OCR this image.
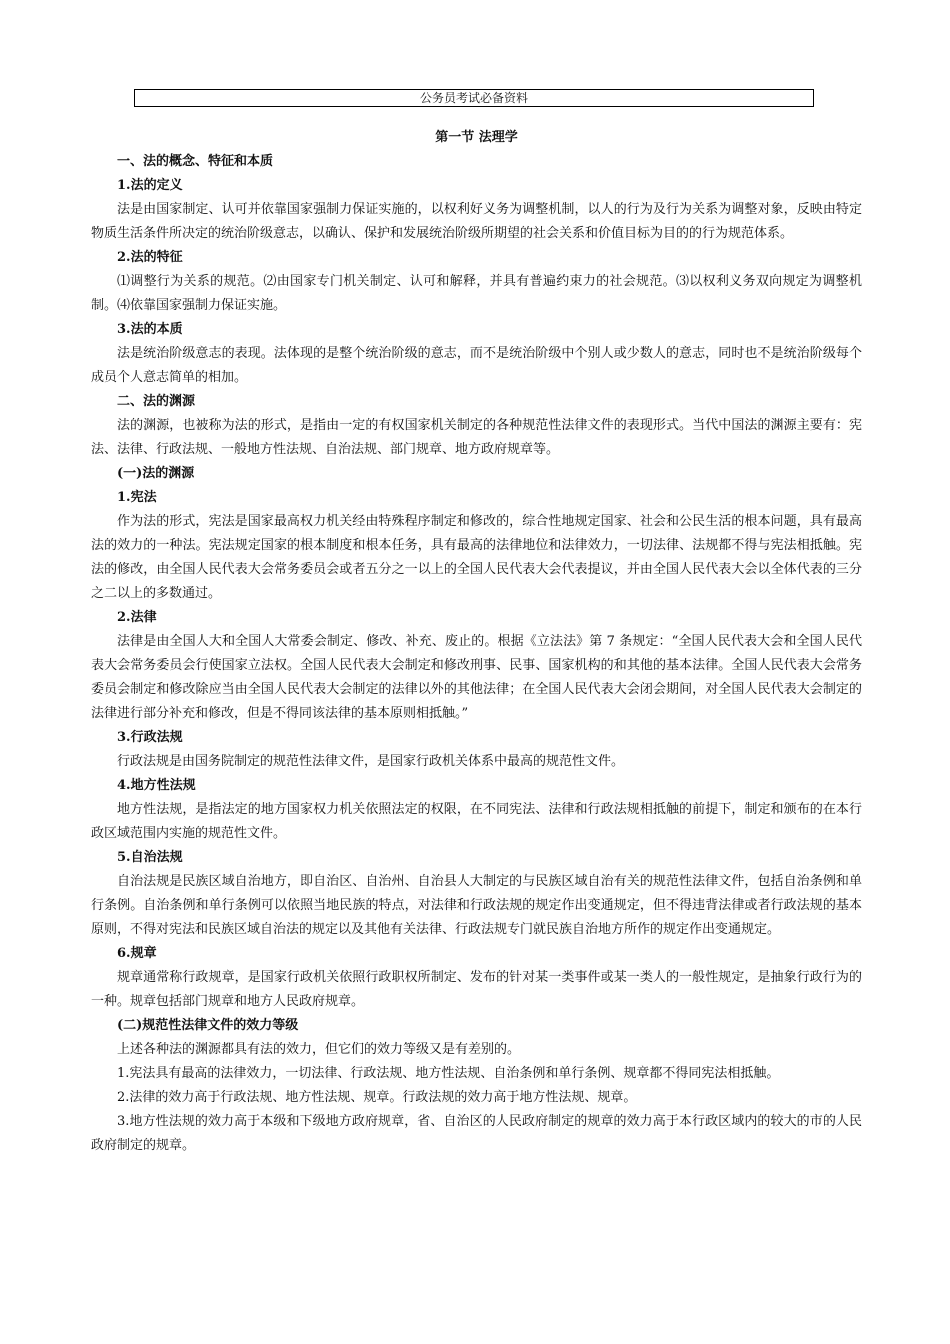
公务员考试必备资料

第一节 法理学

一、法的概念、特征和本质

1.法的定义

法是由国家制定、认可并依靠国家强制力保证实施的，以权利好义务为调整机制，以人的行为及行为关系为调整对象，反映由特定物质生活条件所决定的统治阶级意志，以确认、保护和发展统治阶级所期望的社会关系和价值目标为目的的行为规范体系。

2.法的特征

⑴调整行为关系的规范。⑵由国家专门机关制定、认可和解释，并具有普遍约束力的社会规范。⑶以权利义务双向规定为调整机制。⑷依靠国家强制力保证实施。

3.法的本质

法是统治阶级意志的表现。法体现的是整个统治阶级的意志，而不是统治阶级中个别人或少数人的意志，同时也不是统治阶级每个成员个人意志简单的相加。

二、法的渊源

法的渊源，也被称为法的形式，是指由一定的有权国家机关制定的各种规范性法律文件的表现形式。当代中国法的渊源主要有：宪法、法律、行政法规、一般地方性法规、自治法规、部门规章、地方政府规章等。

(一)法的渊源

1.宪法

作为法的形式，宪法是国家最高权力机关经由特殊程序制定和修改的，综合性地规定国家、社会和公民生活的根本问题，具有最高法的效力的一种法。宪法规定国家的根本制度和根本任务，具有最高的法律地位和法律效力，一切法律、法规都不得与宪法相抵触。宪法的修改，由全国人民代表大会常务委员会或者五分之一以上的全国人民代表大会代表提议，并由全国人民代表大会以全体代表的三分之二以上的多数通过。

2.法律

法律是由全国人大和全国人大常委会制定、修改、补充、废止的。根据《立法法》第 7 条规定：“全国人民代表大会和全国人民代表大会常务委员会行使国家立法权。全国人民代表大会制定和修改刑事、民事、国家机构的和其他的基本法律。全国人民代表大会常务委员会制定和修改除应当由全国人民代表大会制定的法律以外的其他法律；在全国人民代表大会闭会期间，对全国人民代表大会制定的法律进行部分补充和修改，但是不得同该法律的基本原则相抵触。”

3.行政法规

行政法规是由国务院制定的规范性法律文件，是国家行政机关体系中最高的规范性文件。

4.地方性法规

地方性法规，是指法定的地方国家权力机关依照法定的权限，在不同宪法、法律和行政法规相抵触的前提下，制定和颁布的在本行政区域范围内实施的规范性文件。

5.自治法规

自治法规是民族区域自治地方，即自治区、自治州、自治县人大制定的与民族区域自治有关的规范性法律文件，包括自治条例和单行条例。自治条例和单行条例可以依照当地民族的特点，对法律和行政法规的规定作出变通规定，但不得违背法律或者行政法规的基本原则，不得对宪法和民族区域自治法的规定以及其他有关法律、行政法规专门就民族自治地方所作的规定作出变通规定。

6.规章

规章通常称行政规章，是国家行政机关依照行政职权所制定、发布的针对某一类事件或某一类人的一般性规定，是抽象行政行为的一种。规章包括部门规章和地方人民政府规章。

(二)规范性法律文件的效力等级

上述各种法的渊源都具有法的效力，但它们的效力等级又是有差别的。

1.宪法具有最高的法律效力，一切法律、行政法规、地方性法规、自治条例和单行条例、规章都不得同宪法相抵触。

2.法律的效力高于行政法规、地方性法规、规章。行政法规的效力高于地方性法规、规章。

3.地方性法规的效力高于本级和下级地方政府规章，省、自治区的人民政府制定的规章的效力高于本行政区域内的较大的市的人民政府制定的规章。
